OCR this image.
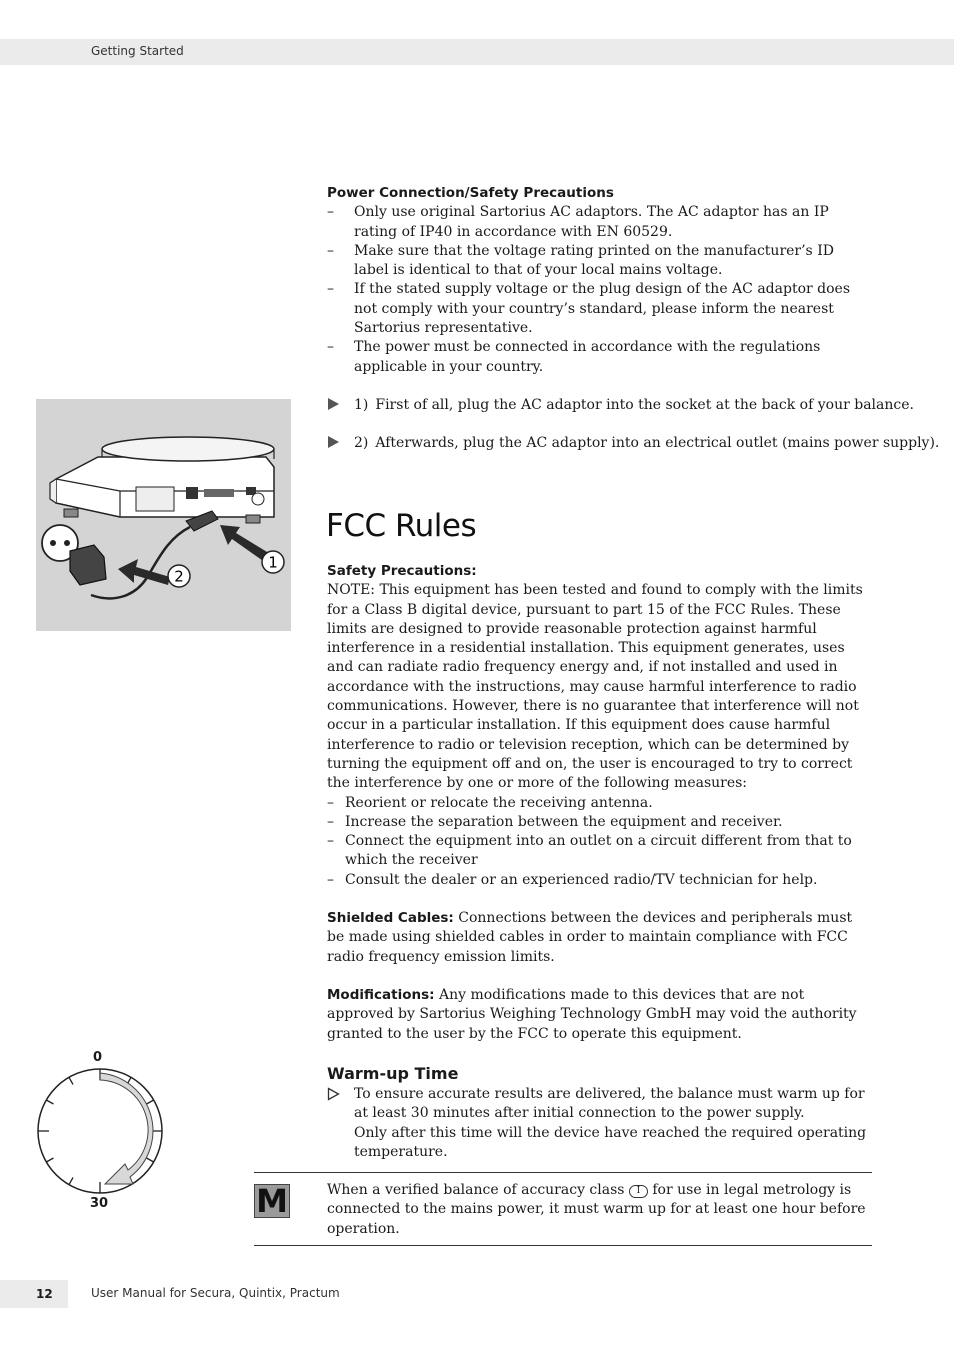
Getting Started
Power Connection/Safety Precautions
– Only use original Sartorius AC adaptors. The AC adaptor has an IP rating of IP40 in accordance with EN 60529.
– Make sure that the voltage rating printed on the manufacturer’s ID label is identical to that of your local mains voltage.
– If the stated supply voltage or the plug design of the AC adaptor does not comply with your country’s standard, please inform the nearest Sartorius representative.
– The power must be connected in accordance with the regulations applicable in your country.
1) First of all, plug the AC adaptor into the socket at the back of your balance.
2) Afterwards, plug the AC adaptor into an electrical outlet (mains power supply).
1
2
FCC Rules
Safety Precautions:
NOTE: This equipment has been tested and found to comply with the limits for a Class B digital device, pursuant to part 15 of the FCC Rules. These limits are designed to provide reasonable protection against harmful interference in a residential installation. This equipment generates, uses and can radiate radio frequency energy and, if not installed and used in accordance with the instructions, may cause harmful interference to radio communications. However, there is no guarantee that interference will not occur in a particular installation. If this equipment does cause harmful interference to radio or television reception, which can be determined by turning the equipment off and on, the user is encouraged to try to correct the interference by one or more of the following measures:
– Reorient or relocate the receiving antenna.
– Increase the separation between the equipment and receiver.
– Connect the equipment into an outlet on a circuit different from that to which the receiver
– Consult the dealer or an experienced radio/TV technician for help.
Shielded Cables: Connections between the devices and peripherals must be made using shielded cables in order to maintain compliance with FCC radio frequency emission limits.
Modifications: Any modifications made to this devices that are not approved by Sartorius Weighing Technology GmbH may void the authority granted to the user by the FCC to operate this equipment.
Warm-up Time
To ensure accurate results are delivered, the balance must warm up for at least 30 minutes after initial connection to the power supply.
Only after this time will the device have reached the required operating temperature.
0
30	M	When a verified balance of accuracy class I for use in legal metrology is connected to the mains power, it must warm up for at least one hour before operation.
12	User Manual for Secura, Quintix, Practum
